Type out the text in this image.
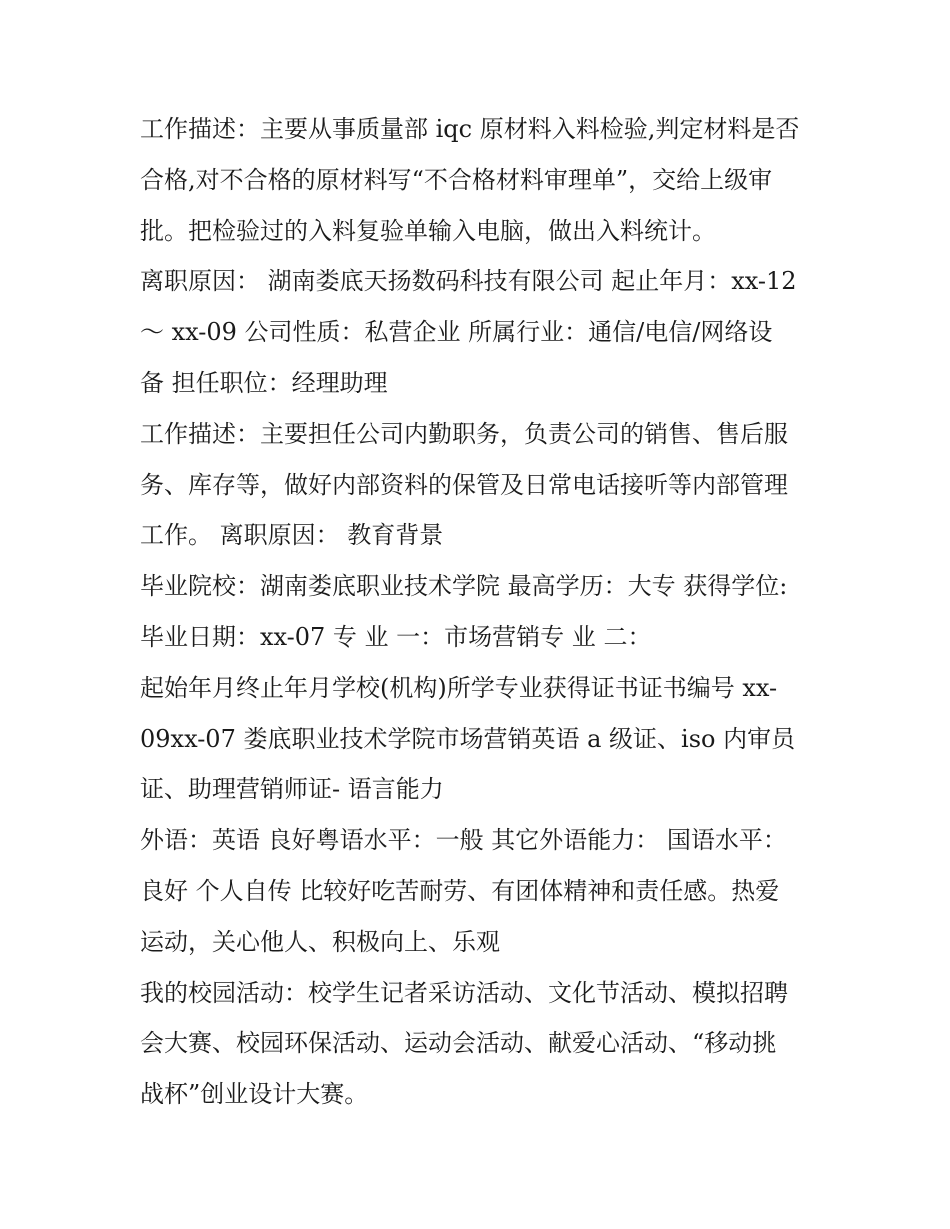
工作描述：主要从事质量部 iqc 原材料入料检验,判定材料是否
合格,对不合格的原材料写“不合格材料审理单”，交给上级审
批。把检验过的入料复验单输入电脑，做出入料统计。
离职原因： 湖南娄底天扬数码科技有限公司 起止年月：xx-12
～ xx-09 公司性质：私营企业 所属行业：通信/电信/网络设
备 担任职位：经理助理
工作描述：主要担任公司内勤职务，负责公司的销售、售后服
务、库存等，做好内部资料的保管及日常电话接听等内部管理
工作。 离职原因： 教育背景
毕业院校：湖南娄底职业技术学院 最高学历：大专 获得学位:
毕业日期：xx-07 专 业 一：市场营销专 业 二：
起始年月终止年月学校(机构)所学专业获得证书证书编号 xx-
09xx-07 娄底职业技术学院市场营销英语 a 级证、iso 内审员
证、助理营销师证- 语言能力
外语：英语 良好粤语水平：一般 其它外语能力： 国语水平：
良好 个人自传 比较好吃苦耐劳、有团体精神和责任感。热爱
运动，关心他人、积极向上、乐观
我的校园活动：校学生记者采访活动、文化节活动、模拟招聘
会大赛、校园环保活动、运动会活动、献爱心活动、“移动挑
战杯”创业设计大赛。
